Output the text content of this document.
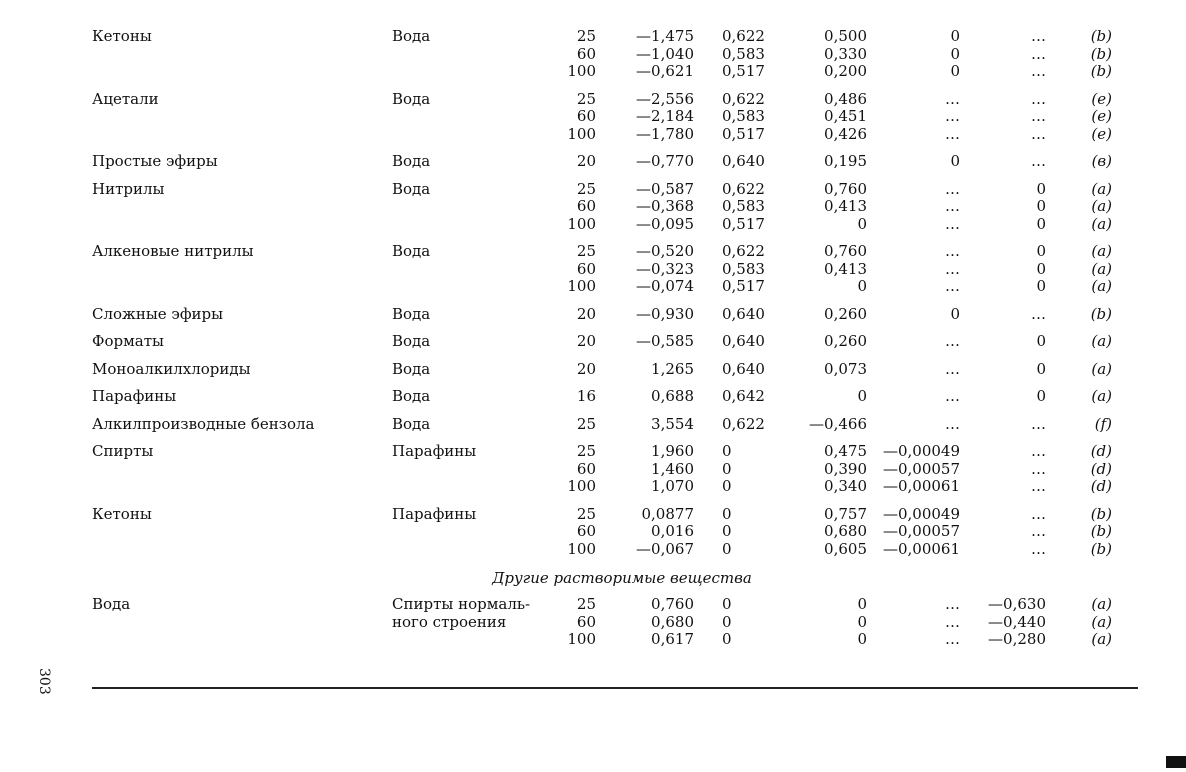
Кетоны	Вода	25	—1,475 0,622	0,500	0	…	(b)
60	—1,040 0,583	0,330	0	…	(b)
100	—0,621 0,517	0,200	0	…	(b)
Ацетали	Вода	25	—2,556 0,622	0,486	…	…	(e)
60	—2,184 0,583	0,451	…	…	(e)
100	—1,780 0,517	0,426	…	…	(e)
Простые эфиры	Вода	20	—0,770 0,640	0,195	0	…	(в)
Нитрилы	Вода	25	—0,587 0,622	0,760	…	0	(a)
60	—0,368 0,583	0,413	…	0	(a)
100	—0,095 0,517	0	…	0	(a)
Алкеновые нитрилы	Вода	25	—0,520 0,622	0,760	…	0	(a)
60	—0,323 0,583	0,413	…	0	(a)
100	—0,074 0,517	0	…	0	(a)
Сложные эфиры	Вода	20	—0,930 0,640	0,260	0	…	(b)
Форматы	Вода	20	—0,585 0,640	0,260	…	0	(a)
Моноалкилхлориды	Вода	20	1,265 0,640	0,073	…	0	(a)
Парафины	Вода	16	0,688 0,642	0	…	0	(a)
Алкилпроизводные бензола	Вода	25	3,554 0,622	—0,466	…	…	(f)
Спирты	Парафины	25	1,960 0	0,475	—0,00049	…	(d)
60	1,460 0	0,390	—0,00057	…	(d)
100	1,070 0	0,340	—0,00061	…	(d)
Кетоны	Парафины	25	0,0877 0	0,757	—0,00049	…	(b)
60	0,016 0	0,680	—0,00057	…	(b)
100	—0,067 0	0,605	—0,00061	…	(b)
Другие растворимые вещества
Вода	Спирты нормаль-	25	0,760 0	0	…	—0,630	(a)
ного строения	60	0,680 0	0	…	—0,440	(a)
100	0,617 0	0	…	—0,280	(a)
303
